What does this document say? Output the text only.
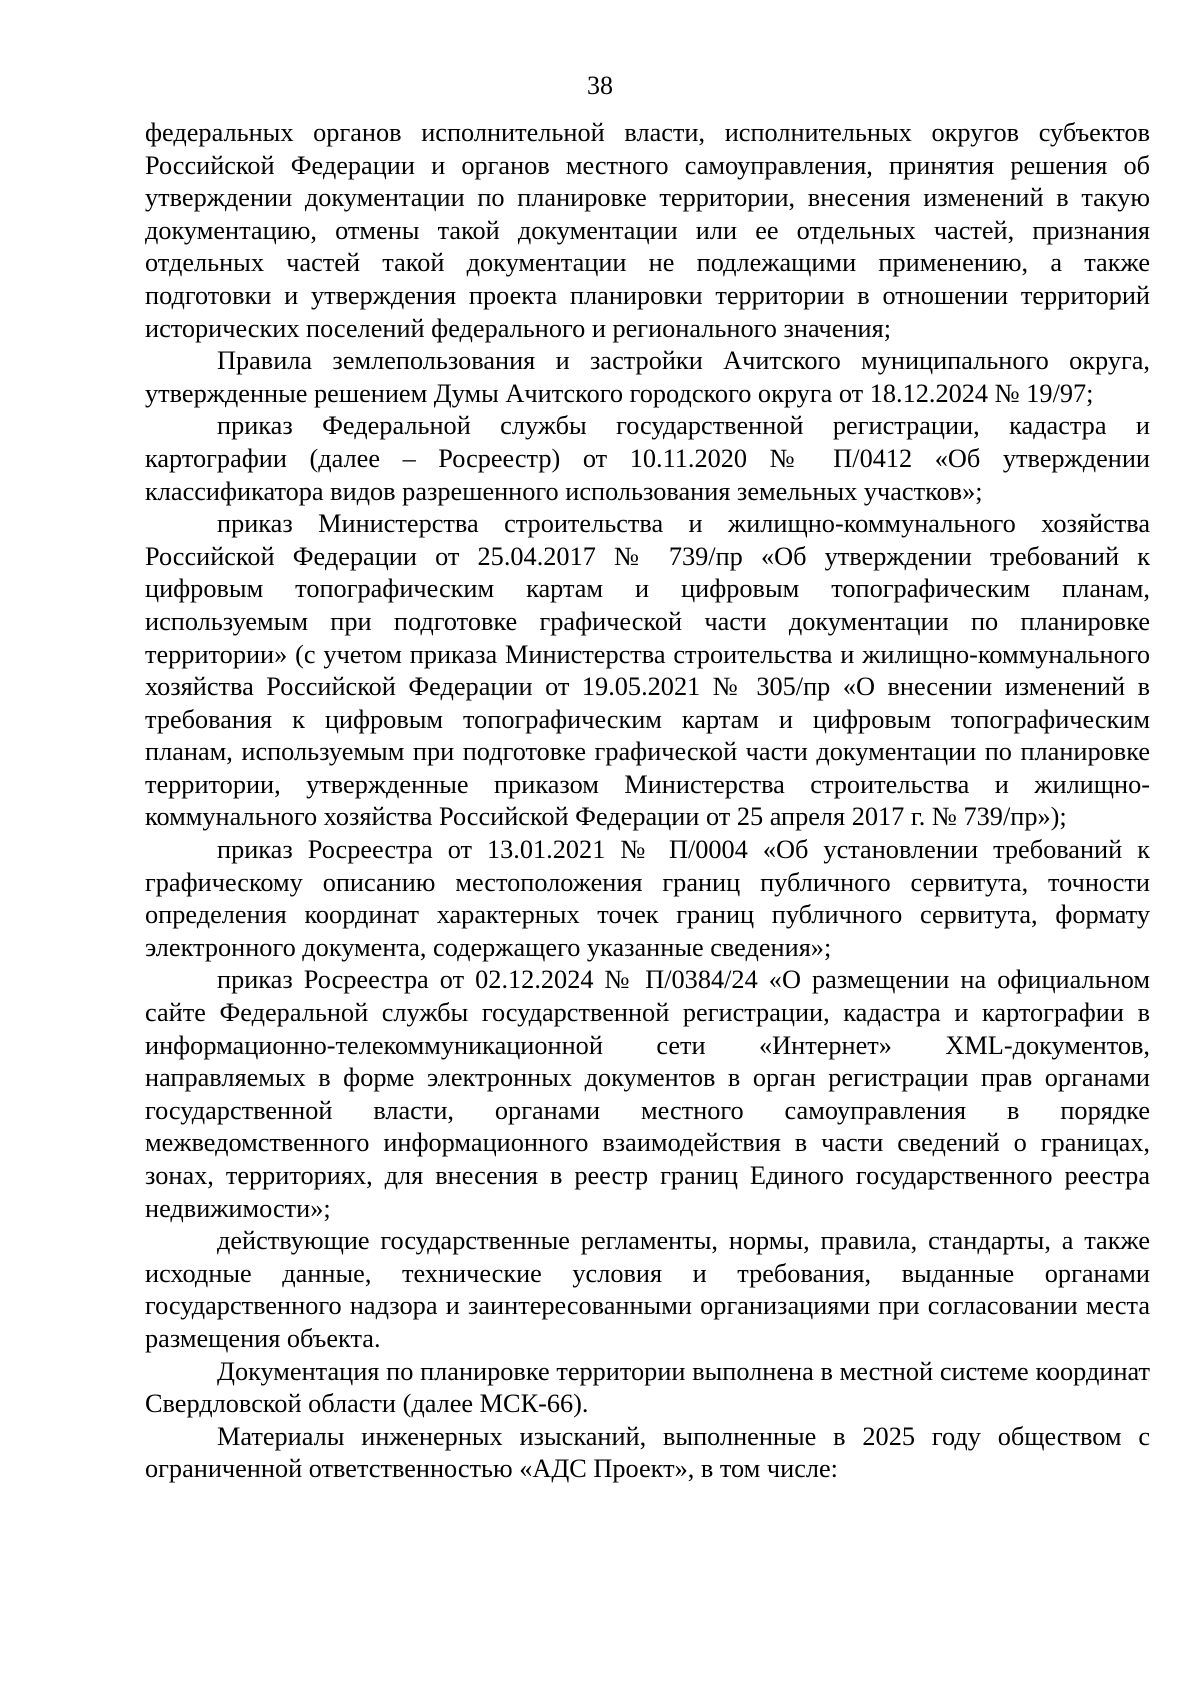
38

федеральных органов исполнительной власти, исполнительных округов субъектов Российской Федерации и органов местного самоуправления, принятия решения об утверждении документации по планировке территории, внесения изменений в такую документацию, отмены такой документации или ее отдельных частей, признания отдельных частей такой документации не подлежащими применению, а также подготовки и утверждения проекта планировки территории в отношении территорий исторических поселений федерального и регионального значения;

Правила землепользования и застройки Ачитского муниципального округа, утвержденные решением Думы Ачитского городского округа от 18.12.2024 № 19/97;

приказ Федеральной службы государственной регистрации, кадастра и картографии (далее – Росреестр) от 10.11.2020 № П/0412 «Об утверждении классификатора видов разрешенного использования земельных участков»;

приказ Министерства строительства и жилищно-коммунального хозяйства Российской Федерации от 25.04.2017 № 739/пр «Об утверждении требований к цифровым топографическим картам и цифровым топографическим планам, используемым при подготовке графической части документации по планировке территории» (с учетом приказа Министерства строительства и жилищно-коммунального хозяйства Российской Федерации от 19.05.2021 № 305/пр «О внесении изменений в требования к цифровым топографическим картам и цифровым топографическим планам, используемым при подготовке графической части документации по планировке территории, утвержденные приказом Министерства строительства и жилищно-коммунального хозяйства Российской Федерации от 25 апреля 2017 г. № 739/пр»);

приказ Росреестра от 13.01.2021 № П/0004 «Об установлении требований к графическому описанию местоположения границ публичного сервитута, точности определения координат характерных точек границ публичного сервитута, формату электронного документа, содержащего указанные сведения»;

приказ Росреестра от 02.12.2024 № П/0384/24 «О размещении на официальном сайте Федеральной службы государственной регистрации, кадастра и картографии в информационно-телекоммуникационной сети «Интернет» XML-документов, направляемых в форме электронных документов в орган регистрации прав органами государственной власти, органами местного самоуправления в порядке межведомственного информационного взаимодействия в части сведений о границах, зонах, территориях, для внесения в реестр границ Единого государственного реестра недвижимости»;

действующие государственные регламенты, нормы, правила, стандарты, а также исходные данные, технические условия и требования, выданные органами государственного надзора и заинтересованными организациями при согласовании места размещения объекта.

Документация по планировке территории выполнена в местной системе координат Свердловской области (далее МСК-66).

Материалы инженерных изысканий, выполненные в 2025 году обществом с ограниченной ответственностью «АДС Проект», в том числе:
